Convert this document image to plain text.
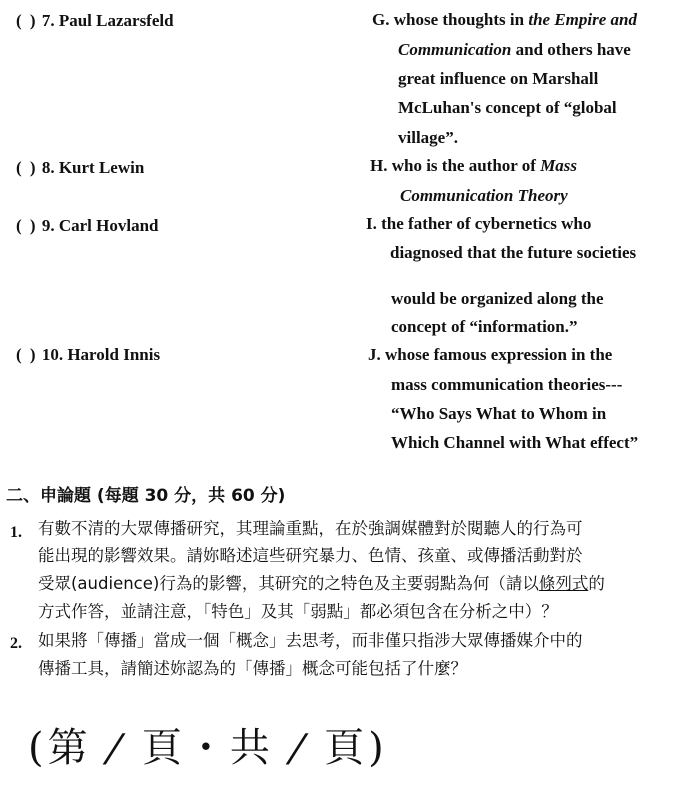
( ) 7. Paul Lazarsfeld
( ) 8. Kurt Lewin
( ) 9. Carl Hovland
( ) 10. Harold Innis
G. whose thoughts in the Empire and
Communication and others have
great influence on Marshall
McLuhan's concept of “global
village”.
H. who is the author of Mass
Communication Theory
I. the father of cybernetics who
diagnosed that the future societies
would be organized along the
concept of “information.”
J. whose famous expression in the
mass communication theories---
“Who Says What to Whom in
Which Channel with What effect”
二、申論題 (每題 30 分，共 60 分)
1. 有數不清的大眾傳播研究，其理論重點，在於強調媒體對於閱聽人的行為可
能出現的影響效果。請妳略述這些研究暴力、色情、孩童、或傳播活動對於
受眾(audience)行為的影響，其研究的之特色及主要弱點為何（請以條列式的
方式作答，並請注意，「特色」及其「弱點」都必須包含在分析之中）？
2. 如果將「傳播」當成一個「概念」去思考，而非僅只指涉大眾傳播媒介中的
傳播工具，請簡述妳認為的「傳播」概念可能包括了什麼？
(第 / 頁・共 / 頁)
